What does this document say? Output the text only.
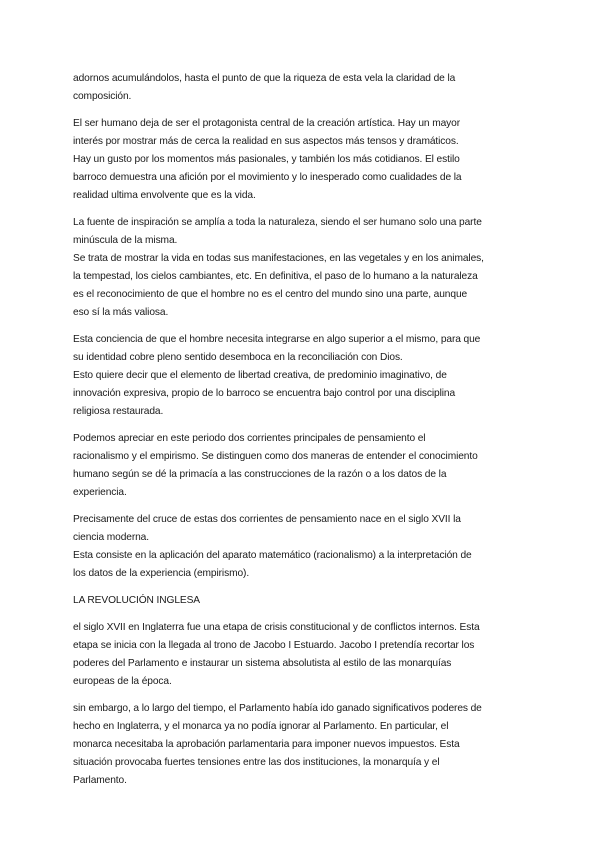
adornos acumulándolos, hasta el punto de que la riqueza de esta vela la claridad de la
composición.
El ser humano deja de ser el protagonista central de la creación artística. Hay un mayor
interés por mostrar más de cerca la realidad en sus aspectos más tensos y dramáticos.
Hay un gusto por los momentos más pasionales, y también los más cotidianos. El estilo
barroco demuestra una afición por el movimiento y lo inesperado como cualidades de la
realidad ultima envolvente que es la vida.
La fuente de inspiración se amplía a toda la naturaleza, siendo el ser humano solo una parte
minúscula de la misma.
Se trata de mostrar la vida en todas sus manifestaciones, en las vegetales y en los animales,
la tempestad, los cielos cambiantes, etc. En definitiva, el paso de lo humano a la naturaleza
es el reconocimiento de que el hombre no es el centro del mundo sino una parte, aunque
eso sí la más valiosa.
Esta conciencia de que el hombre necesita integrarse en algo superior a el mismo, para que
su identidad cobre pleno sentido desemboca en la reconciliación con Dios.
Esto quiere decir que el elemento de libertad creativa, de predominio imaginativo, de
innovación expresiva, propio de lo barroco se encuentra bajo control por una disciplina
religiosa restaurada.
Podemos apreciar en este periodo dos corrientes principales de pensamiento el
racionalismo y el empirismo. Se distinguen como dos maneras de entender el conocimiento
humano según se dé la primacía a las construcciones de la razón o a los datos de la
experiencia.
Precisamente del cruce de estas dos corrientes de pensamiento nace en el siglo XVII la
ciencia moderna.
Esta consiste en la aplicación del aparato matemático (racionalismo) a la interpretación de
los datos de la experiencia (empirismo).
LA REVOLUCIÓN INGLESA
el siglo XVII en Inglaterra fue una etapa de crisis constitucional y de conflictos internos. Esta
etapa se inicia con la llegada al trono de Jacobo I Estuardo. Jacobo I pretendía recortar los
poderes del Parlamento e instaurar un sistema absolutista al estilo de las monarquías
europeas de la época.
sin embargo, a lo largo del tiempo, el Parlamento había ido ganado significativos poderes de
hecho en Inglaterra, y el monarca ya no podía ignorar al Parlamento. En particular, el
monarca necesitaba la aprobación parlamentaria para imponer nuevos impuestos. Esta
situación provocaba fuertes tensiones entre las dos instituciones, la monarquía y el
Parlamento.
